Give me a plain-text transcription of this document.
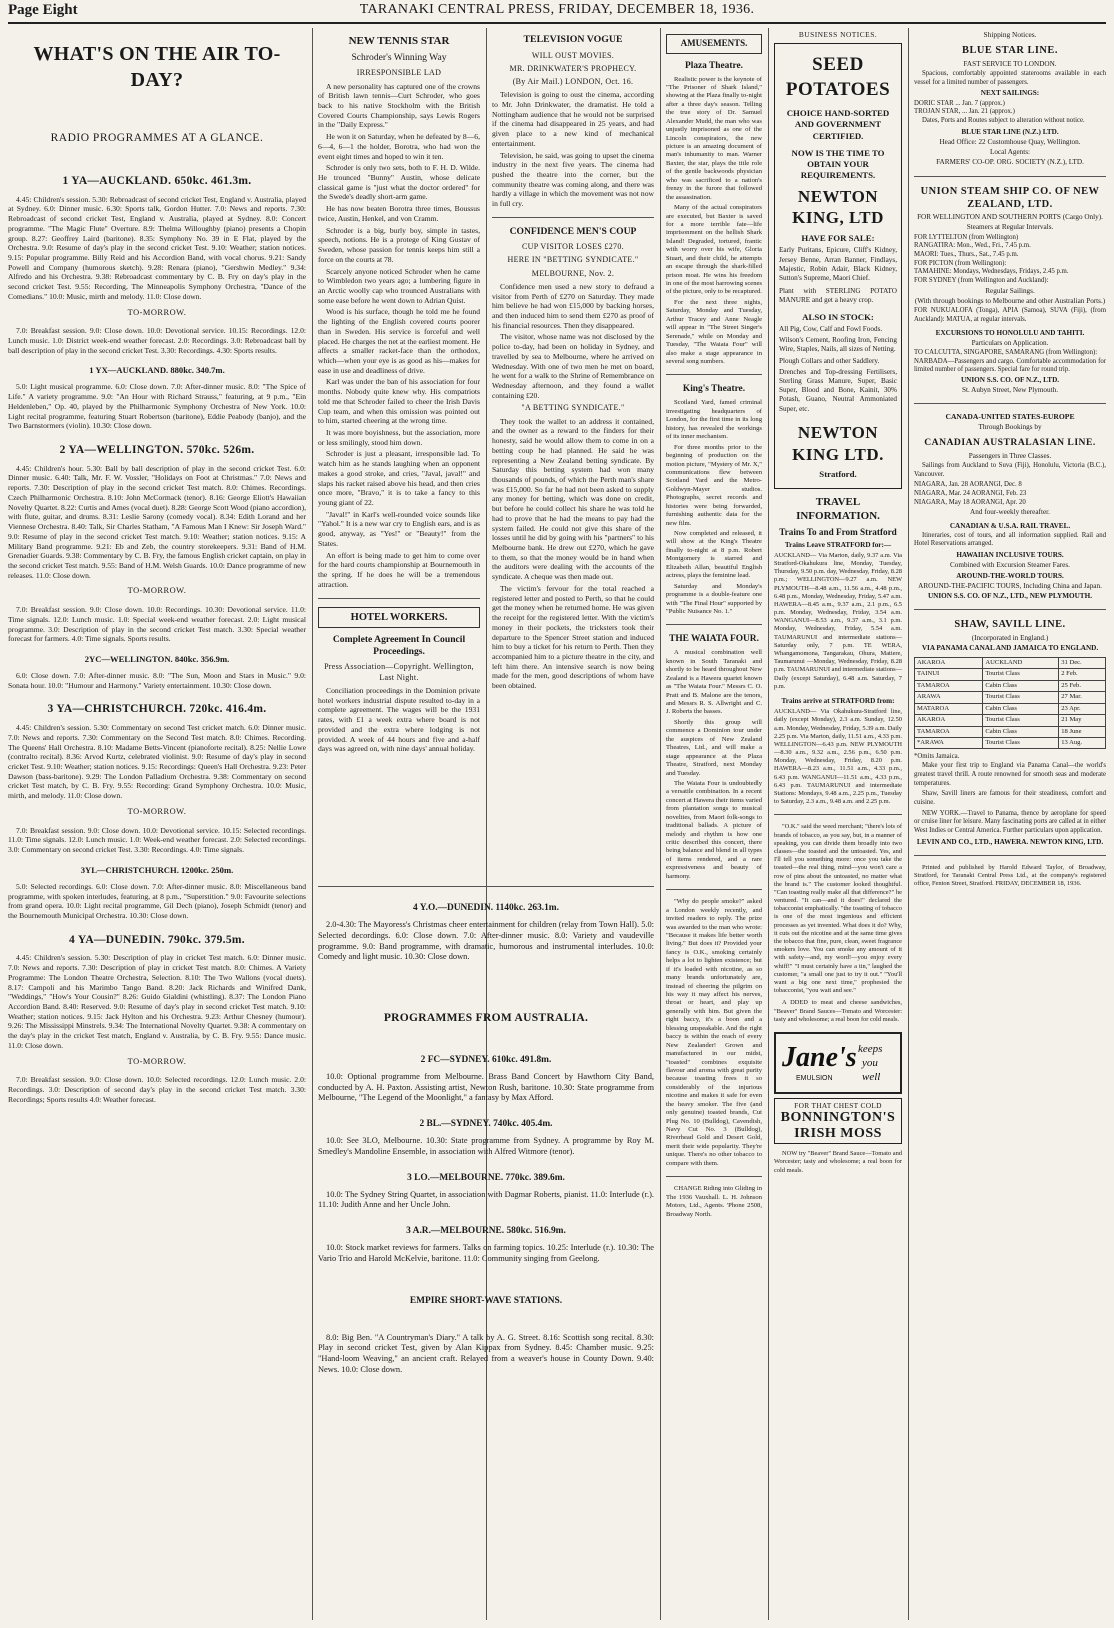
Page Eight	TARANAKI CENTRAL PRESS, FRIDAY, DECEMBER 18, 1936.
WHAT'S ON THE AIR TO-DAY?
RADIO PROGRAMMES AT A GLANCE.
1 YA—AUCKLAND. 650kc. 461.3m.

4.45: Children's session. 5.30: Rebroadcast of second cricket Test, England v. Australia, played at Sydney. 6.0: Dinner music. 6.30: Sports talk, Gordon Hutter. 7.0: News and reports. 7.30: Rebroadcast of second cricket Test, England v. Australia, played at Sydney. 8.0: Concert programme. "The Magic Flute" Overture. 8.9: Thelma Willoughby (piano) presents a Chopin group. 8.27: Geoffrey Laird (baritone). 8.35: Symphony No. 39 in E Flat, played by the Orchestra. 9.0: Resume of day's play in the second cricket Test. 9.10: Weather; station notices. 9.15: Popular programme. Billy Reid and his Accordion Band, with vocal chorus. 9.21: Sandy Powell and Company (humorous sketch). 9.28: Renara (piano), "Gershwin Medley." 9.34: Alfredo and his Orchestra. 9.38: Rebroadcast commentary by C. B. Fry on day's play in the second cricket Test. 9.55: Recording, The Minneapolis Symphony Orchestra, "Dance of the Comedians." 10.0: Music, mirth and melody. 11.0: Close down.

TO-MORROW.

7.0: Breakfast session. 9.0: Close down. 10.0: Devotional service. 10.15: Recordings. 12.0: Lunch music. 1.0: District week-end weather forecast. 2.0: Recordings. 3.0: Rebroadcast ball by ball description of play in the second cricket Test. 3.30: Recordings. 4.30: Sports results.

1 YX—AUCKLAND. 880kc. 340.7m.

5.0: Light musical programme. 6.0: Close down. 7.0: After-dinner music. 8.0: "The Spice of Life." A variety programme. 9.0: "An Hour with Richard Strauss," featuring, at 9 p.m., "Ein Heldenleben," Op. 40, played by the Philharmonic Symphony Orchestra of New York. 10.0: Light recital programme, featuring Stuart Robertson (baritone), Eddie Peabody (banjo), and the Two Barnstormers (violin). 10.30: Close down.

2 YA—WELLINGTON. 570kc. 526m.

4.45: Children's hour. 5.30: Ball by ball description of play in the second cricket Test. 6.0: Dinner music. 6.40: Talk, Mr. F. W. Vossler, "Holidays on Foot at Christmas." 7.0: News and reports. 7.30: Description of play in the second cricket Test match. 8.0: Chimes. Recordings. Czech Philharmonic Orchestra. 8.10: John McCormack (tenor). 8.16: George Eliott's Hawaiian Novelty Quartet. 8.22: Curtis and Ames (vocal duet). 8.28: George Scott Wood (piano accordion), with flute, guitar, and drums. 8.31: Leslie Sarony (comedy vocal). 8.34: Edith Lorand and her Viennese Orchestra. 8.40: Talk, Sir Charles Statham, "A Famous Man I Knew: Sir Joseph Ward." 9.0: Resume of play in the second cricket Test match. 9.10: Weather; station notices. 9.15: A Military Band programme. 9.21: Eb and Zeb, the country storekeepers. 9.31: Band of H.M. Grenadier Guards. 9.38: Commentary by C. B. Fry, the famous English cricket captain, on play in the second cricket Test match. 9.55: Band of H.M. Welsh Guards. 10.0: Dance programme of new releases. 11.0: Close down.

TO-MORROW.

7.0: Breakfast session. 9.0: Close down. 10.0: Recordings. 10.30: Devotional service. 11.0: Time signals. 12.0: Lunch music. 1.0: Special week-end weather forecast. 2.0: Light musical programme. 3.0: Description of play in the second cricket Test match. 3.30: Special weather forecast for farmers. 4.0: Time signals. Sports results.

2YC—WELLINGTON. 840kc. 356.9m.

6.0: Close down. 7.0: After-dinner music. 8.0: "The Sun, Moon and Stars in Music." 9.0: Sonata hour. 10.0: "Humour and Harmony." Variety entertainment. 10.30: Close down.

3 YA—CHRISTCHURCH. 720kc. 416.4m.

4.45: Children's session. 5.30: Commentary on second Test cricket match. 6.0: Dinner music. 7.0: News and reports. 7.30: Commentary on the Second Test match. 8.0: Chimes. Recording. The Queens' Hall Orchestra. 8.10: Madame Betts-Vincent (pianoforte recital). 8.25: Nellie Lowe (contralto recital). 8.36: Arvod Kurtz, celebrated violinist. 9.0: Resume of day's play in second cricket Test. 9.10: Weather; station notices. 9.15: Recordings: Queen's Hall Orchestra. 9.23: Peter Dawson (bass-baritone). 9.29: The London Palladium Orchestra. 9.38: Commentary on second cricket Test match, by C. B. Fry. 9.55: Recording: Grand Symphony Orchestra. 10.0: Music, mirth, and melody. 11.0: Close down.

TO-MORROW.

7.0: Breakfast session. 9.0: Close down. 10.0: Devotional service. 10.15: Selected recordings. 11.0: Time signals. 12.0: Lunch music. 1.0: Week-end weather forecast. 2.0: Selected recordings. 3.0: Commentary on second cricket Test. 3.30: Recordings. 4.0: Time signals.

3YL—CHRISTCHURCH. 1200kc. 250m.

5.0: Selected recordings. 6.0: Close down. 7.0: After-dinner music. 8.0: Miscellaneous band programme, with spoken interludes, featuring, at 8 p.m., "Superstition." 9.0: Favourite selections from grand opera. 10.0: Light recital programme, Gil Dech (piano), Joseph Schmidt (tenor) and the Bournemouth Municipal Orchestra. 10.30: Close down.

4 YA—DUNEDIN. 790kc. 379.5m.

4.45: Children's session. 5.30: Description of play in cricket Test match. 6.0: Dinner music. 7.0: News and reports. 7.30: Description of play in cricket Test match. 8.0: Chimes. A Variety Programme: The London Theatre Orchestra, Selection. 8.10: The Two Wallons (vocal duets). 8.17: Campoli and his Marimbo Tango Band. 8.20: Jack Richards and Winifred Dank, "Weddings," "How's Your Cousin?" 8.26: Guido Gialdini (whistling). 8.37: The London Piano Accordion Band. 8.40: Reserved. 9.0: Resume of day's play in second cricket Test match. 9.10: Weather; station notices. 9.15: Jack Hylton and his Orchestra. 9.23: Arthur Chesney (humour). 9.26: The Mississippi Minstrels. 9.34: The International Novelty Quartet. 9.38: A commentary on the day's play in the cricket Test match, England v. Australia, by C. B. Fry. 9.55: Dance music. 11.0: Close down.

TO-MORROW.

7.0: Breakfast session. 9.0: Close down. 10.0: Selected recordings. 12.0: Lunch music. 2.0: Recordings. 3.0: Description of second day's play in the second cricket Test match. 3.30: Recordings; Sports results 4.0: Weather forecast.

NEW TENNIS STAR
Schroder's Winning Way
IRRESPONSIBLE LAD

A new personality has captured one of the crowns of British lawn tennis—Curt Schroder, who goes back to his native Stockholm with the British Covered Courts Championship, says Lewis Rogers in the "Daily Express."

He won it on Saturday, when he defeated by 8—6, 6—4, 6—1 the holder, Borotra, who had won the event eight times and hoped to win it ten.

Schroder is only two sets, both to F. H. D. Wilde. He trounced "Bunny" Austin, whose delicate classical game is "just what the doctor ordered" for the Swede's deadly short-arm game.

He has now beaten Borotra three times, Boussus twice, Austin, Henkel, and von Cramm.

Schroder is a big, burly boy, simple in tastes, speech, notions. He is a protege of King Gustav of Sweden, whose passion for tennis keeps him still a force on the courts at 78.

Scarcely anyone noticed Schroder when he came to Wimbledon two years ago; a lumbering figure in an Arctic woolly cap who trounced Australians with some ease before he went down to Adrian Quist.

Wood is his surface, though he told me he found the lighting of the English covered courts poorer than in Sweden. His service is forceful and well placed. He charges the net at the earliest moment. He affects a smaller racket-face than the orthodox, which—when your eye is as good as his—makes for ease in use and deadliness of drive.

Karl was under the ban of his association for four months. Nobody quite knew why. His compatriots told me that Schroder failed to cheer the Irish Davis Cup team, and when this omission was pointed out to him, started cheering at the wrong time.

It was more boyishness, but the association, more or less smilingly, stood him down.

Schroder is just a pleasant, irresponsible lad. To watch him as he stands laughing when an opponent makes a good stroke, and cries, "Javal, javal!" and slaps his racket raised above his head, and then cries once more, "Bravo," it is to take a fancy to this young giant of 22.

"Javal!" in Karl's well-rounded voice sounds like "Yahol." It is a new war cry to English ears, and is as good, anyway, as "Yes!" or "Beauty!" from the States.

An effort is being made to get him to come over for the hard courts championship at Bournemouth in the spring. If he does he will be a tremendous attraction.

HOTEL WORKERS.
Complete Agreement In Council Proceedings.
Press Association—Copyright. Wellington, Last Night.

Conciliation proceedings in the Dominion private hotel workers industrial dispute resulted to-day in a complete agreement. The wages will be the 1931 rates, with £1 a week extra where board is not provided and the extra where lodging is not provided. A week of 44 hours and five and a-half days was agreed on, with nine days' annual holiday.

TELEVISION VOGUE
WILL OUST MOVIES.
MR. DRINKWATER'S PROPHECY.
(By Air Mail.) LONDON, Oct. 16.

Television is going to oust the cinema, according to Mr. John Drinkwater, the dramatist. He told a Nottingham audience that he would not be surprised if the cinema had disappeared in 25 years, and had given place to a new kind of mechanical entertainment.

Television, he said, was going to upset the cinema industry in the next five years. The cinema had pushed the theatre into the corner, but the community theatre was coming along, and there was hardly a village in which the movement was not now in full cry.

CONFIDENCE MEN'S COUP
CUP VISITOR LOSES £270.
HERE IN "BETTING SYNDICATE."
MELBOURNE, Nov. 2.

Confidence men used a new story to defraud a visitor from Perth of £270 on Saturday. They made him believe he had won £15,000 by backing horses, and then induced him to send them £270 as proof of his financial resources. Then they disappeared.

The visitor, whose name was not disclosed by the police to-day, had been on holiday in Sydney, and travelled by sea to Melbourne, where he arrived on Wednesday. With one of two men he met on board, he went for a walk to the Shrine of Remembrance on Wednesday afternoon, and they found a wallet containing £20.

"A BETTING SYNDICATE."

They took the wallet to an address it contained, and the owner as a reward to the finders for their honesty, said he would allow them to come in on a betting coup he had planned. He said he was representing a New Zealand betting syndicate. By Saturday this betting system had won many thousands of pounds, of which the Perth man's share was £15,000. So far he had not been asked to supply any money for betting, which was done on credit, but before he could collect his share he was told he had to prove that he had the means to pay had the system failed. He could not give this share of the losses until he did by going with his "partners" to his Melbourne bank. He drew out £270, which he gave to them, so that the money would be in hand when the auditors were dealing with the accounts of the syndicate. A cheque was then made out.

The victim's fervour for the total reached a registered letter and posted to Perth, so that he could get the money when he returned home. He was given the receipt for the registered letter. With the victim's money in their pockets, the tricksters took their departure to the Spencer Street station and induced him to buy a ticket for his return to Perth. Then they accompanied him to a picture theatre in the city, and left him there. An intensive search is now being made for the men, good descriptions of whom have been obtained.

4 Y.O.—DUNEDIN. 1140kc. 263.1m.

2.0-4.30: The Mayoress's Christmas cheer entertainment for children (relay from Town Hall). 5.0: Selected decordings. 6.0: Close down. 7.0: After-dinner music. 8.0: Variety and vaudeville programme. 9.0: Band programme, with dramatic, humorous and instrumental interludes. 10.0: Comedy and light music. 10.30: Close down.

PROGRAMMES FROM AUSTRALIA.
2 FC—SYDNEY. 610kc. 491.8m.

10.0: Optional programme from Melbourne. Brass Band Concert by Hawthorn City Band, conducted by A. H. Paxton. Assisting artist, Newton Rush, baritone. 10.30: State programme from Melbourne, "The Legend of the Moonlight," a fantasy by Max Afford.

2 BL.—SYDNEY. 740kc. 405.4m.

10.0: See 3LO, Melbourne. 10.30: State programme from Sydney. A programme by Roy M. Smedley's Mandoline Ensemble, in association with Alfred Witmore (tenor).

3 LO.—MELBOURNE. 770kc. 389.6m.

10.0: The Sydney String Quartet, in association with Dagmar Roberts, pianist. 11.0: Interlude (r.). 11.10: Judith Anne and her Uncle John.

3 A.R.—MELBOURNE. 580kc. 516.9m.

10.0: Stock market reviews for farmers. Talks on farming topics. 10.25: Interlude (r.). 10.30: The Vario Trio and Harold McKelvie, baritone. 11.0: Community singing from Geelong.

EMPIRE SHORT-WAVE STATIONS.

8.0: Big Ben. "A Countryman's Diary." A talk by A. G. Street. 8.16: Scottish song recital. 8.30: Play in second cricket Test, given by Alan Kippax from Sydney. 8.45: Chamber music. 9.25: "Hand-loom Weaving," an ancient craft. Relayed from a weaver's house in County Down. 9.40: News. 10.0: Close down.

AMUSEMENTS.
Plaza Theatre.

Realistic power is the keynote of "The Prisoner of Shark Island," showing at the Plaza finally to-night after a three day's season. Telling the true story of Dr. Samuel Alexander Mudd, the man who was unjustly imprisoned as one of the Lincoln conspirators, the new picture is an amazing document of man's inhumanity to man. Warner Baxter, the star, plays the title role of the gentle backwoods physician who was sacrificed to a nation's frenzy in the furore that followed the assassination.

Many of the actual conspirators are executed, but Baxter is saved for a more terrible fate—life imprisonment on the hellish Shark Island! Degraded, tortured, frantic with worry over his wife, Gloria Stuart, and their child, he attempts an escape through the shark-filled prison moat. He wins his freedom in one of the most harrowing scenes of the picture, only to be recaptured.

For the next three nights, Saturday, Monday and Tuesday, Arthur Tracey and Anne Neagle will appear in "The Street Singer's Serenade," while on Monday and Tuesday, "The Waiata Four" will also make a stage appearance in several song numbers.

King's Theatre.

Scotland Yard, famed criminal investigating headquarters of London, for the first time in its long history, has revealed the workings of its inner mechanism.

For three months prior to the beginning of production on the motion picture, "Mystery of Mr. X," communications flew between Scotland Yard and the Metro-Goldwyn-Mayer studios. Photographs, secret records and histories were being forwarded, furnishing authentic data for the new film.

Now completed and released, it will show at the King's Theatre finally to-night at 8 p.m. Robert Montgomery is starred and Elizabeth Allan, beautiful English actress, plays the feminine lead.

Saturday and Monday's programme is a double-feature one with "The Final Hour" supported by "Public Nuisance No. 1."

THE WAIATA FOUR.

A musical combination well known in South Taranaki and shortly to be heard throughout New Zealand is a Hawera quartet known as "The Waiata Four." Messrs C. O. Pratt and B. Malone are the tenors, and Messrs R. S. Allwright and C. J. Roberts the basses.

Shortly this group will commence a Dominion tour under the auspices of New Zealand Theatres, Ltd., and will make a stage appearance at the Plaza Theatre, Stratford, next Monday and Tuesday.

The Waiata Four is undoubtedly a versatile combination. In a recent concert at Hawera their items varied from plantation songs to musical novelties, from Maori folk-songs to traditional ballads. A picture of melody and rhythm is how one critic described this concert, there being balance and blend in all types of items rendered, and a rare expressiveness and beauty of harmony.

"Why do people smoke?" asked a London weekly recently, and invited readers to reply. The prize was awarded to the man who wrote: "Because it makes life better worth living." But does it? Provided your fancy is O.K., smoking certainly helps a lot to lighten existence; but if it's loaded with nicotine, as so many brands unfortunately are, instead of cheering the pilgrim on his way it may affect his nerves, throat or heart, and play up generally with him. But given the right baccy, it's a boon and a blessing unspeakable. And the right baccy is within the reach of every New Zealander! Grown and manufactured in our midst, "toasted" combines exquisite flavour and aroma with great purity because toasting frees it so considerably of the injurious nicotine and makes it safe for even the heavy smoker. The five (and only genuine) toasted brands, Cut Plug No. 10 (Bulldog), Cavendish, Navy Cut No. 3 (Bulldog), Riverhead Gold and Desert Gold, merit their wide popularity. They're unique. There's no other tobacco to compare with them.

CHANGE Riding into Gliding in The 1936 Vauxhall. L. H. Johnson Motors, Ltd., Agents. 'Phone 2508, Broadway North.

BUSINESS NOTICES.
SEED POTATOES
CHOICE HAND-SORTED AND GOVERNMENT CERTIFIED.
NOW IS THE TIME TO OBTAIN YOUR REQUIREMENTS.
NEWTON KING, LTD
HAVE FOR SALE:

Early Puritans, Epicure, Cliff's Kidney, Jersey Benne, Arran Banner, Findlays, Majestic, Robin Adair, Black Kidney, Sutton's Supreme, Maori Chief.

Plant with STERLING POTATO MANURE and get a heavy crop.

ALSO IN STOCK:

All Pig, Cow, Calf and Fowl Foods.

Wilson's Cement, Roofing Iron, Fencing Wire, Staples, Nails, all sizes of Netting.

Plough Collars and other Saddlery.

Drenches and Top-dressing Fertilisers, Sterling Grass Manure, Super, Basic Super, Blood and Bone, Kainit, 30% Potash, Guano, Neutral Ammoniated Super, etc.

NEWTON KING LTD.
Stratford.
TRAVEL INFORMATION.
Trains To and From Stratford
Trains Leave STRATFORD for:—

AUCKLAND— Via Marton, daily, 9.37 a.m. Via Stratford-Okahukura line, Monday, Tuesday, Thursday, 9.50 p.m. day, Wednesday, Friday, 8.28 p.m.; WELLINGTON—9.27 a.m. NEW PLYMOUTH—8.48 a.m., 11.56 a.m., 4.48 p.m., 6.48 p.m., Monday, Wednesday, Friday, 5.47 a.m. HAWERA—8.45 a.m., 9.37 a.m., 2.1 p.m., 6.5 p.m. Monday, Wednesday, Friday, 3.54 a.m. WANGANUI—8.53 a.m., 9.37 a.m., 3.1 p.m. Monday, Wednesday, Friday, 5.54 a.m. TAUMARUNUI and intermediate stations—Saturday only, 7 p.m. TE WERA, Whangamomona, Tangarakau, Ohura, Matiere, Taumarunui —Monday, Wednesday, Friday, 8.28 p.m. TAUMARUNUI and intermediate stations—Daily (except Saturday), 6.48 a.m. Saturday, 7 p.m.

Trains arrive at STRATFORD from:

AUCKLAND— Via Okahukura-Stratford line, daily (except Monday), 2.3 a.m. Sunday, 12.50 a.m. Monday, Wednesday, Friday, 5.39 a.m. Daily 2.25 p.m. Via Marton, daily, 11.51 a.m., 4.33 p.m. WELLINGTON—6.43 p.m. NEW PLYMOUTH—8.30 a.m., 9.32 a.m., 2.56 p.m., 6.50 p.m. Monday, Wednesday, Friday, 8.20 p.m. HAWERA—8.23 a.m., 11.51 a.m., 4.33 p.m., 6.43 p.m. WANGANUI—11.51 a.m., 4.33 p.m., 6.43 p.m. TAUMARUNUI and intermediate Stations: Mondays, 9.48 a.m., 2.25 p.m., Tuesday to Saturday, 2.3 a.m., 9.48 a.m. and 2.25 p.m.

"O.K." said the weed merchant; "there's lots of brands of tobacco, as you say, but, in a manner of speaking, you can divide them broadly into two classes—the toasted and the untoasted. Yes, and I'll tell you something more: once you take the toasted—the real thing, mind—you won't care a row of pins about the untoasted, no matter what the brand is." The customer looked thoughtful. "Can toasting really make all that difference?" he ventured. "It can—and it does!" declared the tobacconist emphatically. "the toasting of tobacco is one of the most ingenious and efficient processes as yet invented. What does it do? Why, it cuts out the nicotine and at the same time gives the tobacco that fine, pure, clean, sweet fragrance smokers love. You can smoke any amount of it with safety—and, my word!—you enjoy every whiff!" "I must certainly have a tin," laughed the customer, "a small one just to try it out." "You'll want a big one next time," prophesied the tobacconist, "you wait and see."

A DDED to meat and cheese sandwiches, "Beaver" Brand Sauces—Tomato and Worcester: tasty and wholesome; a real boon for cold meals.

Jane's keeps
you
well
EMULSION
FOR THAT CHEST COLD
BONNINGTON'S
IRISH MOSS

NOW try "Beaver" Brand Sauce—Tomato and Worcester; tasty and wholesome; a real boon for cold meals.

Shipping Notices.
BLUE STAR LINE.
FAST SERVICE TO LONDON.

Spacious, comfortably appointed staterooms available in each vessel for a limited number of passengers.

NEXT SAILINGS:
DORIC STAR ... Jan. 7 (approx.)
TROJAN STAR, ... Jan. 21 (approx.)

Dates, Ports and Routes subject to alteration without notice.

BLUE STAR LINE (N.Z.) LTD.
Head Office: 22 Customhouse Quay, Wellington.
Local Agents:
FARMERS' CO-OP. ORG. SOCIETY (N.Z.), LTD.
UNION STEAM SHIP CO. OF NEW ZEALAND, LTD.
FOR WELLINGTON AND SOUTHERN PORTS (Cargo Only).
Steamers at Regular Intervals.
FOR LYTTELTON (from Wellington)
RANGATIRA: Mon., Wed., Fri., 7.45 p.m.
MAORI: Tues., Thurs., Sat., 7.45 p.m.
FOR PICTON (from Wellington):
TAMAHINE: Mondays, Wednesdays, Fridays, 2.45 p.m.
FOR SYDNEY (from Wellington and Auckland):
Regular Sailings.
(With through bookings to Melbourne and other Australian Ports.)
FOR NUKUALOFA (Tonga), APIA (Samoa), SUVA (Fiji), (from Auckland): MATUA, at regular intervals.
EXCURSIONS TO HONOLULU AND TAHITI.
Particulars on Application.
TO CALCUTTA, SINGAPORE, SAMARANG (from Wellington):
NARBADA—Passengers and cargo. Comfortable accommodation for limited number of passengers. Special fare for round trip.
UNION S.S. CO. OF N.Z., LTD.
St. Aubyn Street, New Plymouth.
CANADA-UNITED STATES-EUROPE
Through Bookings by
CANADIAN AUSTRALASIAN LINE.
Passengers in Three Classes.

Sailings from Auckland to Suva (Fiji), Honolulu, Victoria (B.C.), Vancouver.

NIAGARA, Jan. 28 AORANGI, Dec. 8
NIAGARA, Mar. 24 AORANGI, Feb. 23
NIAGARA, May 18 AORANGI, Apr. 20
And four-weekly thereafter.
CANADIAN & U.S.A. RAIL TRAVEL.

Itineraries, cost of tours, and all information supplied. Rail and Hotel Reservations arranged.

HAWAIIAN INCLUSIVE TOURS.
Combined with Excursion Steamer Fares.
AROUND-THE-WORLD TOURS.
AROUND-THE-PACIFIC TOURS, Including China and Japan.
UNION S.S. CO. OF N.Z., LTD., NEW PLYMOUTH.
SHAW, SAVILL LINE.
(Incorporated in England.)
VIA PANAMA CANAL AND JAMAICA TO ENGLAND.
AKAROA	AUCKLAND	31 Dec.
TAINUI	Tourist Class	2 Feb.
TAMAROA	Cabin Class	25 Feb.
ARAWA	Tourist Class	27 Mar.
MATAROA	Cabin Class	23 Apr.
AKAROA	Tourist Class	21 May
TAMAROA	Cabin Class	18 June
*ARAWA	Tourist Class	13 Aug.
*Omits Jamaica.

Make your first trip to England via Panama Canal—the world's greatest travel thrill. A route renowned for smooth seas and moderate temperatures.

Shaw, Savill liners are famous for their steadiness, comfort and cuisine.

NEW YORK.—Travel to Panama, thence by aeroplane for speed or cruise liner for leisure. Many fascinating ports are called at in either West Indies or Central America. Further particulars upon application.

LEVIN AND CO., LTD., HAWERA. NEWTON KING, LTD.

Printed and published by Harold Edward Taylor, of Broadway, Stratford, for Taranaki Central Press Ltd., at the company's registered office, Fenton Street, Stratford. FRIDAY, DECEMBER 18, 1936.
